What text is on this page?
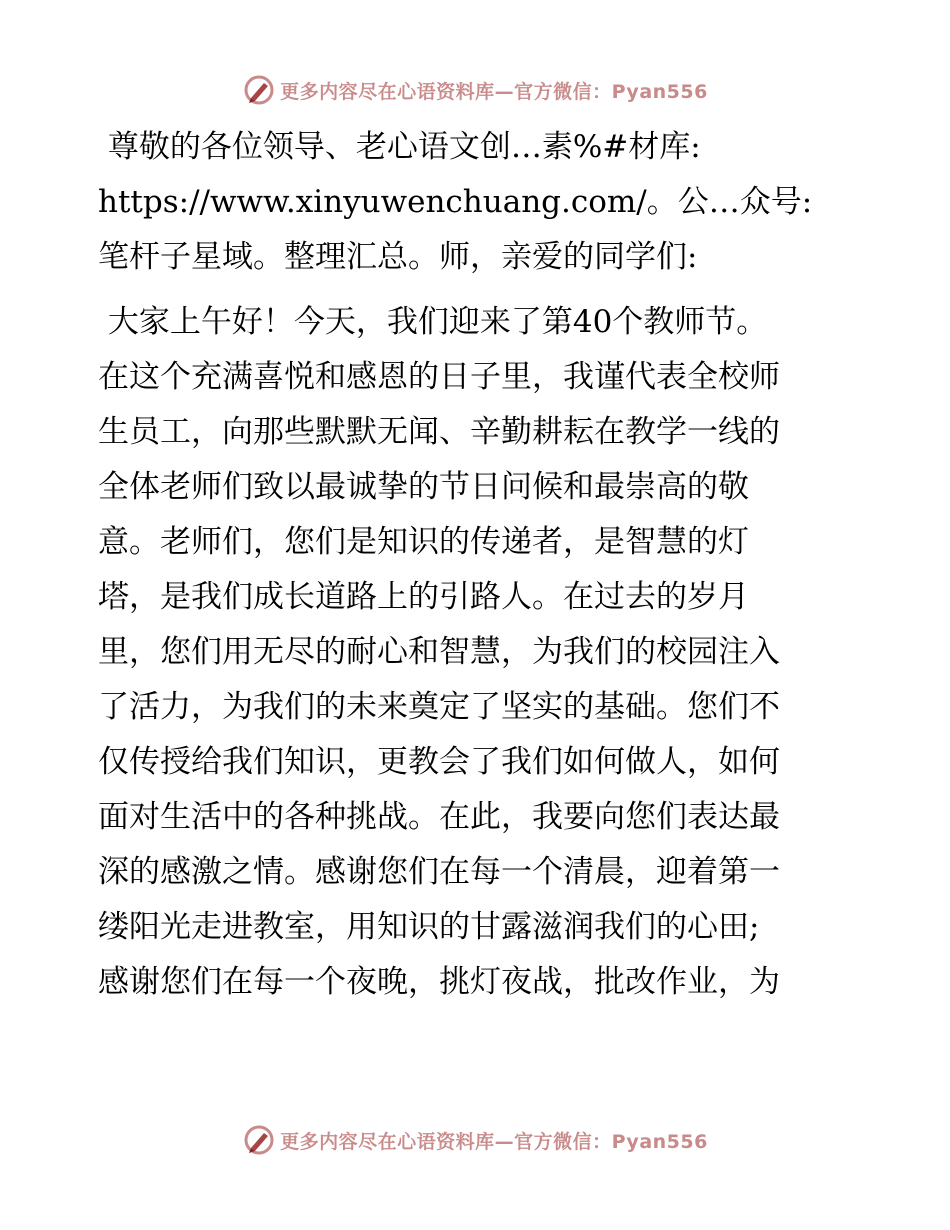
更多内容尽在心语资料库—官方微信：Pyan556

尊敬的各位领导、老心语文创…素%#材库:

https://www.xinyuwenchuang.com/。公…众号:

笔杆子星域。整理汇总。师，亲爱的同学们:

大家上午好！今天，我们迎来了第40个教师节。

在这个充满喜悦和感恩的日子里，我谨代表全校师

生员工，向那些默默无闻、辛勤耕耘在教学一线的

全体老师们致以最诚挚的节日问候和最崇高的敬

意。老师们，您们是知识的传递者，是智慧的灯

塔，是我们成长道路上的引路人。在过去的岁月

里，您们用无尽的耐心和智慧，为我们的校园注入

了活力，为我们的未来奠定了坚实的基础。您们不

仅传授给我们知识，更教会了我们如何做人，如何

面对生活中的各种挑战。在此，我要向您们表达最

深的感激之情。感谢您们在每一个清晨，迎着第一

缕阳光走进教室，用知识的甘露滋润我们的心田;

感谢您们在每一个夜晚，挑灯夜战，批改作业，为

更多内容尽在心语资料库—官方微信：Pyan556
